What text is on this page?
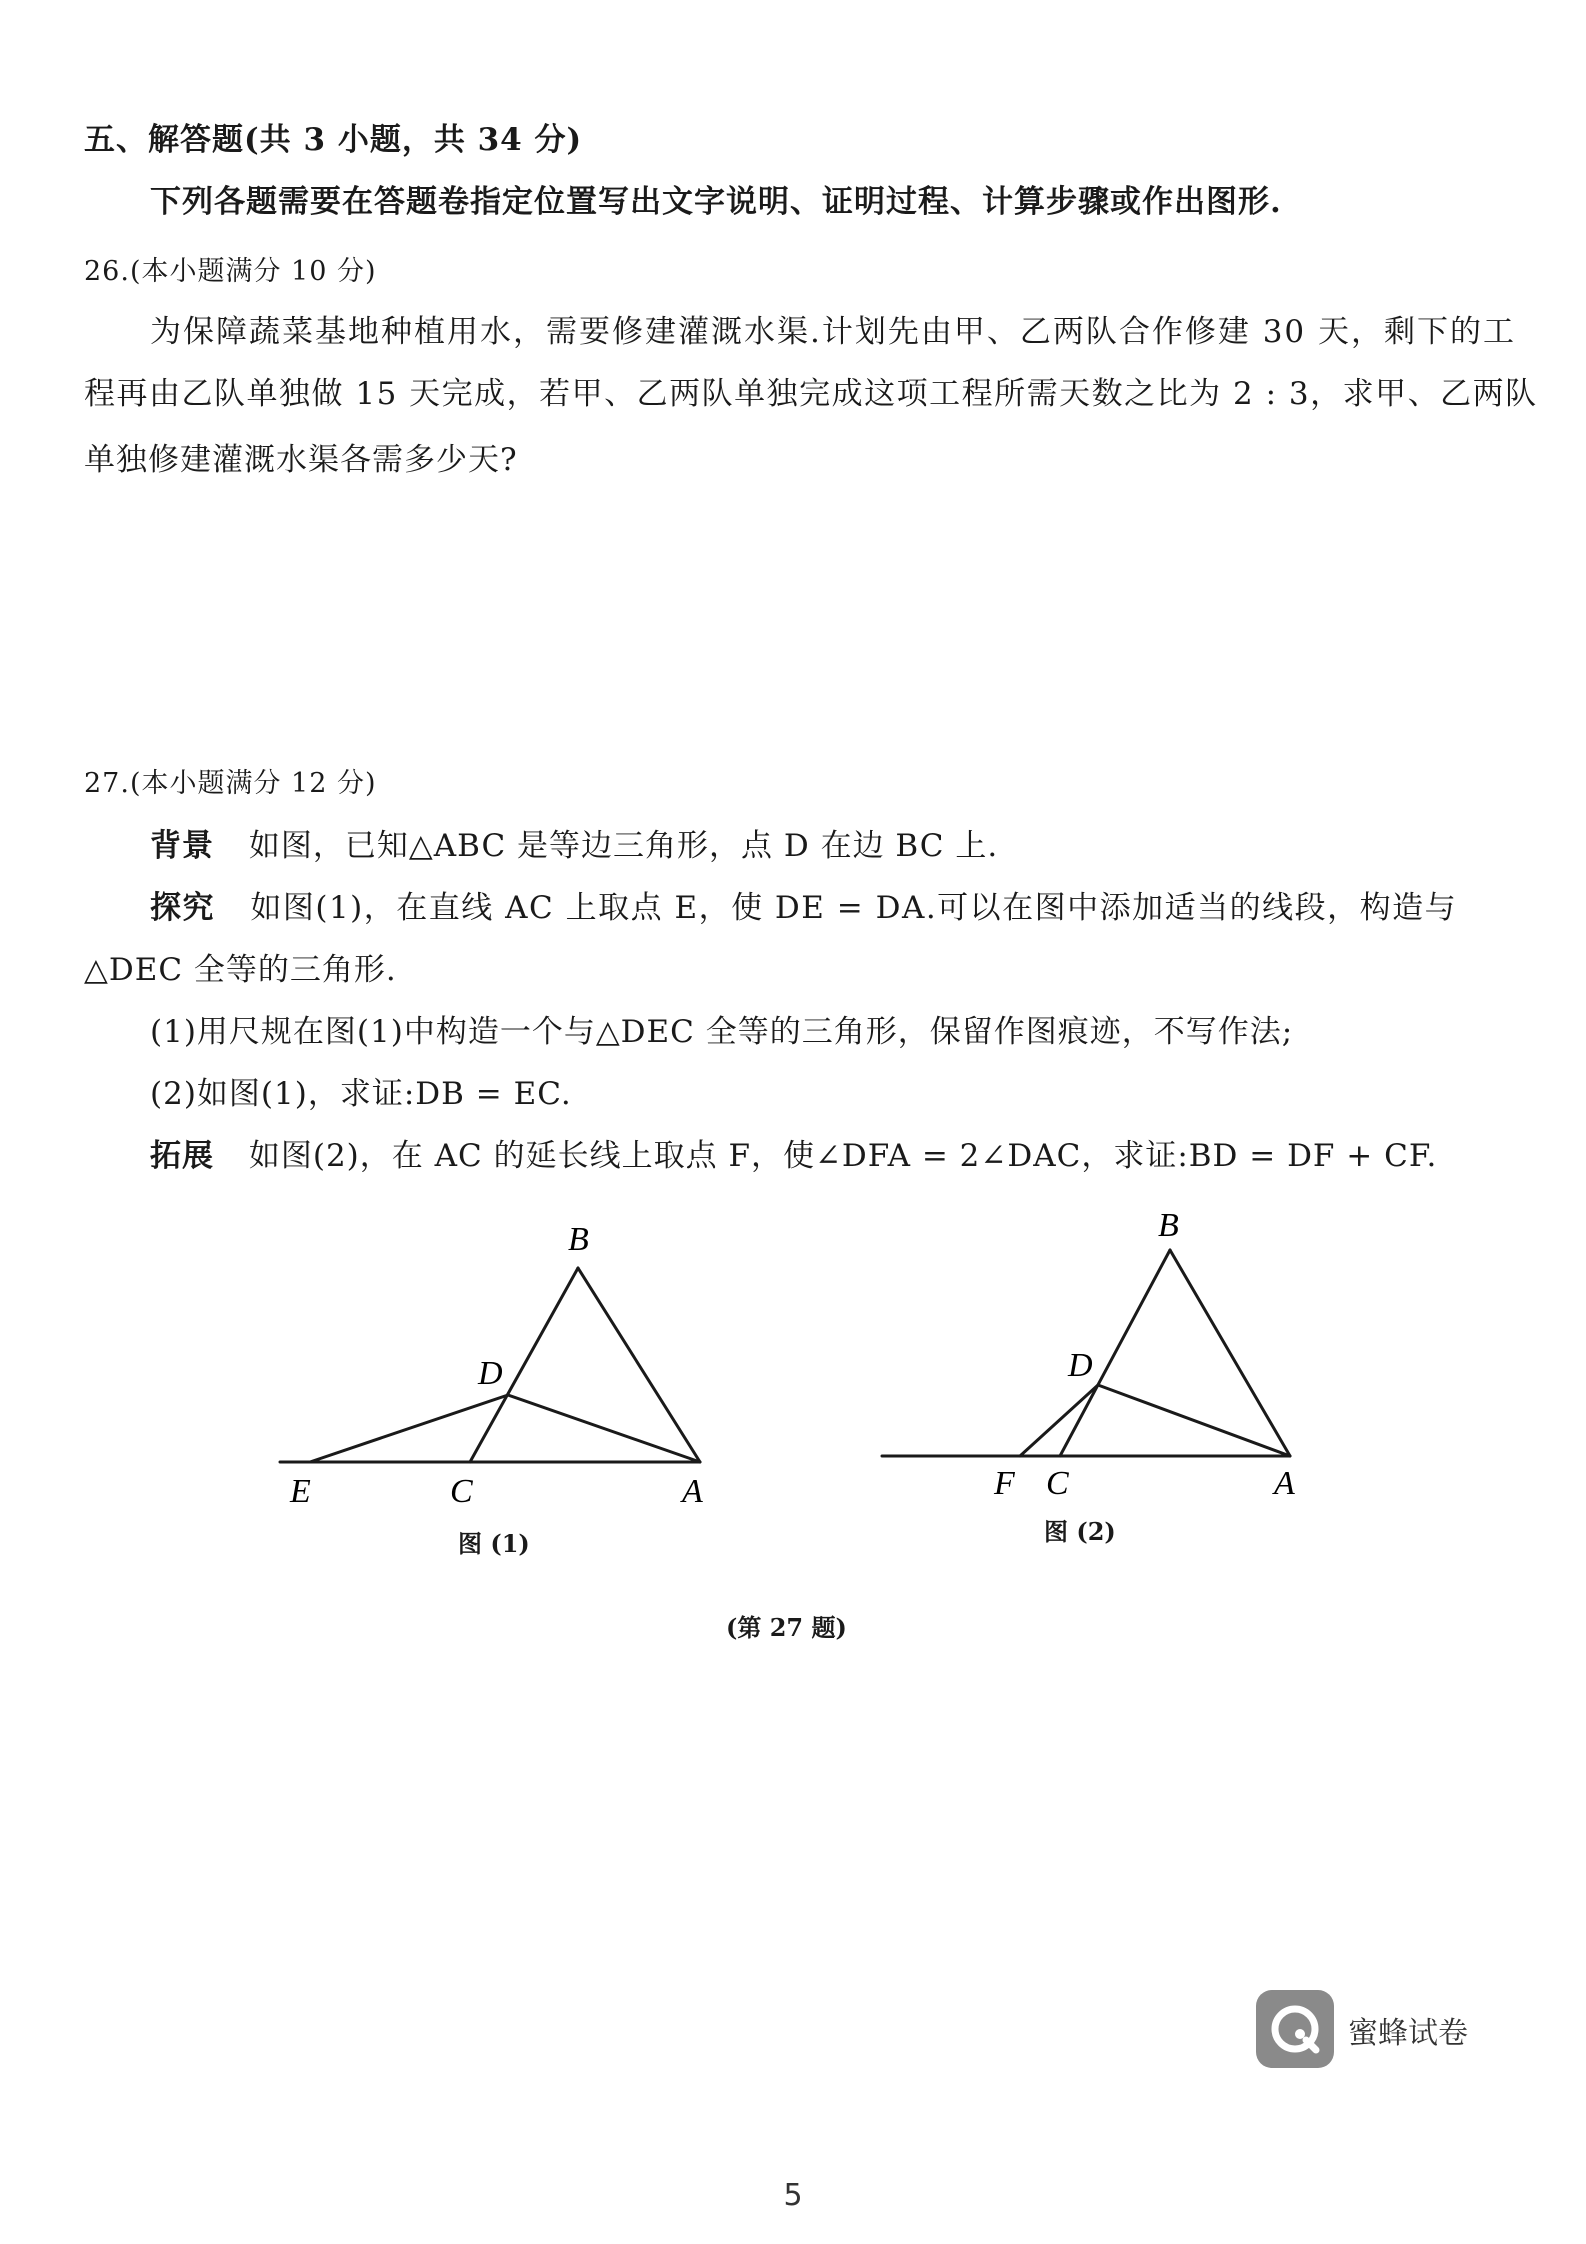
五、解答题(共 3 小题，共 34 分)
下列各题需要在答题卷指定位置写出文字说明、证明过程、计算步骤或作出图形.
26.(本小题满分 10 分)
为保障蔬菜基地种植用水，需要修建灌溉水渠.计划先由甲、乙两队合作修建 30 天，剩下的工
程再由乙队单独做 15 天完成，若甲、乙两队单独完成这项工程所需天数之比为 2 : 3，求甲、乙两队
单独修建灌溉水渠各需多少天?
27.(本小题满分 12 分)
背景 如图，已知△ABC 是等边三角形，点 D 在边 BC 上.
探究 如图(1)，在直线 AC 上取点 E，使 DE = DA.可以在图中添加适当的线段，构造与
△DEC 全等的三角形.
(1)用尺规在图(1)中构造一个与△DEC 全等的三角形，保留作图痕迹，不写作法;
(2)如图(1)，求证:DB = EC.
拓展 如图(2)，在 AC 的延长线上取点 F，使∠DFA = 2∠DAC，求证:BD = DF + CF.
B
D
E	C	A
图 (1)
B
D
F C	A
图 (2)
(第 27 题)
蜜蜂试卷
5
